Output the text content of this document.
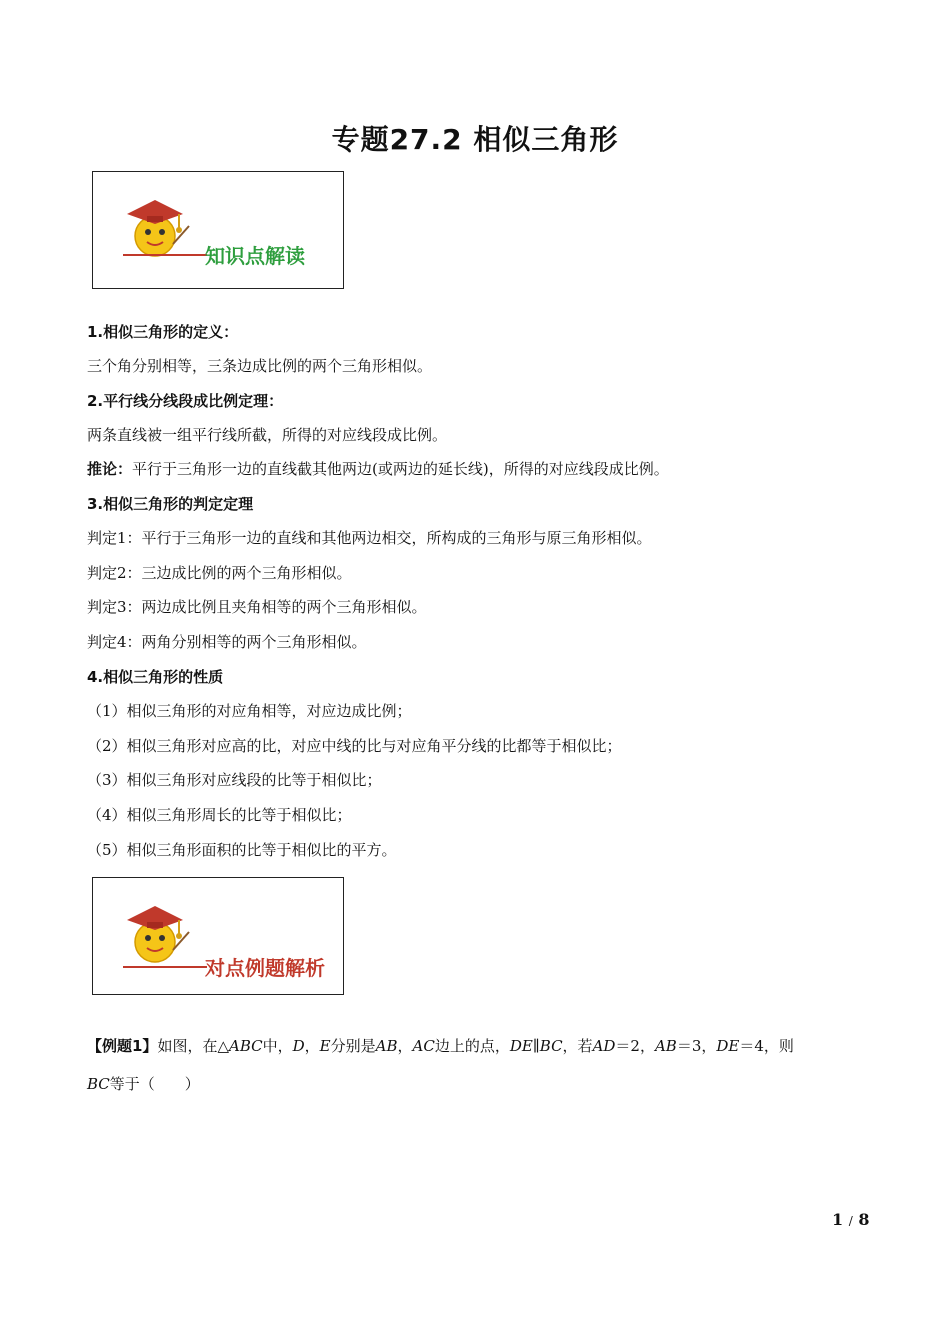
专题27.2 相似三角形
知识点解读
1.相似三角形的定义：
三个角分别相等，三条边成比例的两个三角形相似。
2.平行线分线段成比例定理：
两条直线被一组平行线所截，所得的对应线段成比例。
推论：平行于三角形一边的直线截其他两边(或两边的延长线)，所得的对应线段成比例。
3.相似三角形的判定定理
判定1：平行于三角形一边的直线和其他两边相交，所构成的三角形与原三角形相似。
判定2：三边成比例的两个三角形相似。
判定3：两边成比例且夹角相等的两个三角形相似。
判定4：两角分别相等的两个三角形相似。
4.相似三角形的性质
（1）相似三角形的对应角相等，对应边成比例；
（2）相似三角形对应高的比，对应中线的比与对应角平分线的比都等于相似比；
（3）相似三角形对应线段的比等于相似比；
（4）相似三角形周长的比等于相似比；
（5）相似三角形面积的比等于相似比的平方。
对点例题解析
【例题1】如图，在△ABC中，D，E分别是AB，AC边上的点，DE∥BC，若AD＝2，AB＝3，DE＝4，则
BC等于（　　）
1 / 8
